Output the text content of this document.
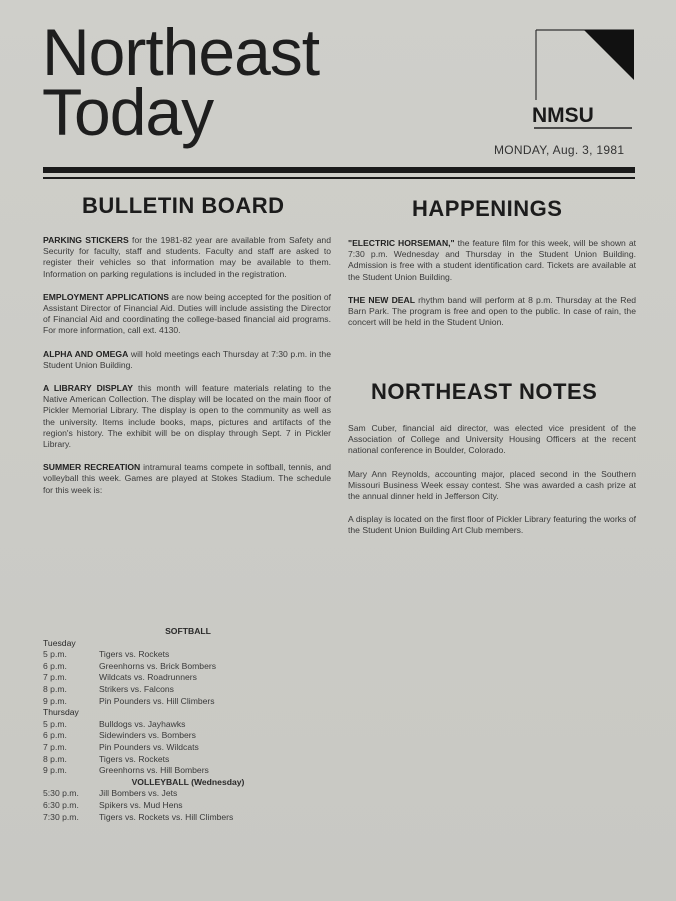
Northeast
Today	NMSU
MONDAY, Aug. 3, 1981
BULLETIN BOARD

PARKING STICKERS for the 1981-82 year are available from Safety and Security for faculty, staff and students. Faculty and staff are asked to register their vehicles so that information may be available to them. Information on parking regulations is included in the registration.

EMPLOYMENT APPLICATIONS are now being accepted for the position of Assistant Director of Financial Aid. Duties will include assisting the Director of Financial Aid and coordinating the college-based financial aid programs. For more information, call ext. 4130.

ALPHA AND OMEGA will hold meetings each Thursday at 7:30 p.m. in the Student Union Building.

A LIBRARY DISPLAY this month will feature materials relating to the Native American Collection. The display will be located on the main floor of Pickler Memorial Library. The display is open to the community as well as the university. Items include books, maps, pictures and artifacts of the region's history. The exhibit will be on display through Sept. 7 in Pickler Library.

SUMMER RECREATION intramural teams compete in softball, tennis, and volleyball this week. Games are played at Stokes Stadium. The schedule for this week is:

SOFTBALL
Tuesday
5 p.m.	Tigers vs. Rockets
6 p.m.	Greenhorns vs. Brick Bombers
7 p.m.	Wildcats vs. Roadrunners
8 p.m.	Strikers vs. Falcons
9 p.m.	Pin Pounders vs. Hill Climbers
Thursday
5 p.m.	Bulldogs vs. Jayhawks
6 p.m.	Sidewinders vs. Bombers
7 p.m.	Pin Pounders vs. Wildcats
8 p.m.	Tigers vs. Rockets
9 p.m.	Greenhorns vs. Hill Bombers
VOLLEYBALL (Wednesday)
5:30 p.m.	Jill Bombers vs. Jets
6:30 p.m.	Spikers vs. Mud Hens
7:30 p.m.	Tigers vs. Rockets vs. Hill Climbers
HAPPENINGS

"ELECTRIC HORSEMAN," the feature film for this week, will be shown at 7:30 p.m. Wednesday and Thursday in the Student Union Building. Admission is free with a student identification card. Tickets are available at the Student Union Building.

THE NEW DEAL rhythm band will perform at 8 p.m. Thursday at the Red Barn Park. The program is free and open to the public. In case of rain, the concert will be held in the Student Union.

NORTHEAST NOTES

Sam Cuber, financial aid director, was elected vice president of the Association of College and University Housing Officers at the recent national conference in Boulder, Colorado.

Mary Ann Reynolds, accounting major, placed second in the Southern Missouri Business Week essay contest. She was awarded a cash prize at the annual dinner held in Jefferson City.

A display is located on the first floor of Pickler Library featuring the works of the Student Union Building Art Club members.
